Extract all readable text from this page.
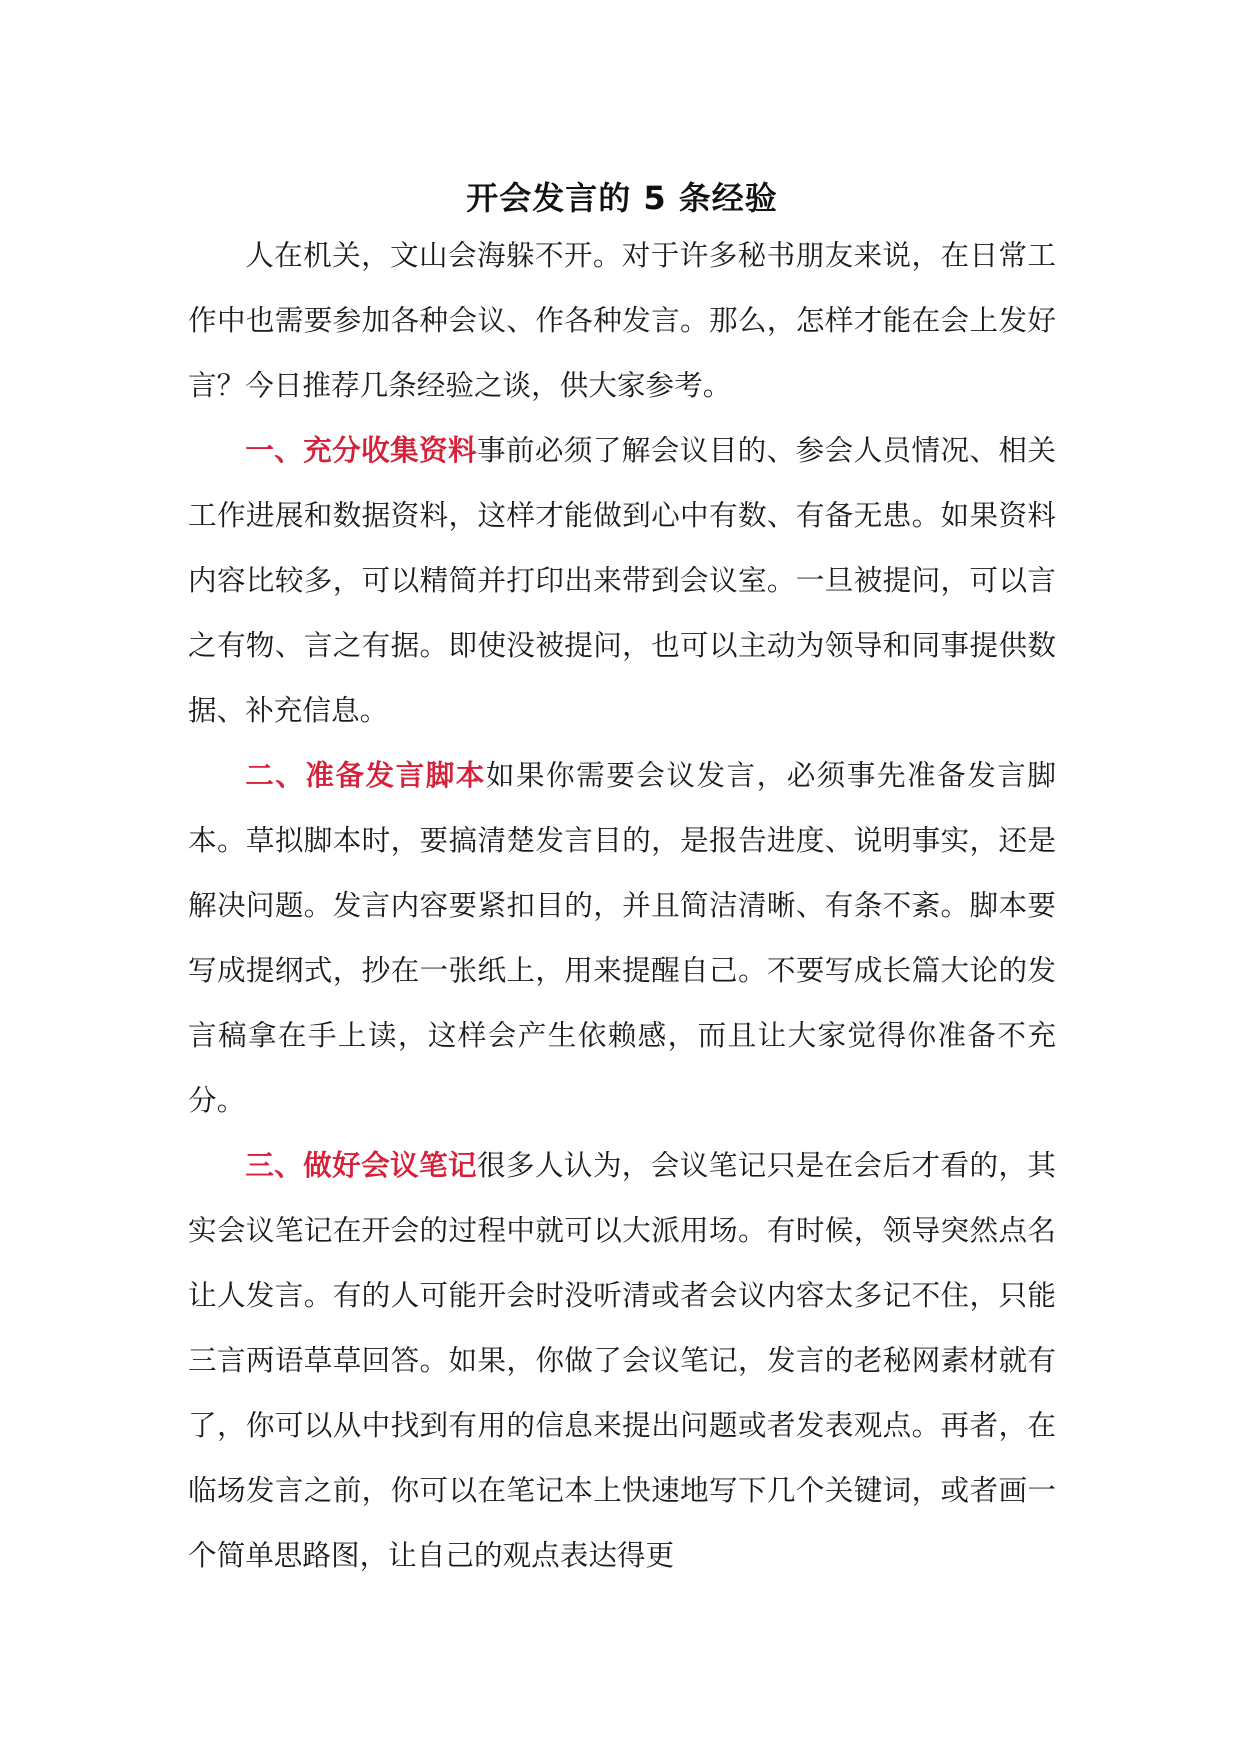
开会发言的 5 条经验

人在机关，文山会海躲不开。对于许多秘书朋友来说，在日常工作中也需要参加各种会议、作各种发言。那么，怎样才能在会上发好言？今日推荐几条经验之谈，供大家参考。

一、充分收集资料事前必须了解会议目的、参会人员情况、相关工作进展和数据资料，这样才能做到心中有数、有备无患。如果资料内容比较多，可以精简并打印出来带到会议室。一旦被提问，可以言之有物、言之有据。即使没被提问，也可以主动为领导和同事提供数据、补充信息。

二、准备发言脚本如果你需要会议发言，必须事先准备发言脚本。草拟脚本时，要搞清楚发言目的，是报告进度、说明事实，还是解决问题。发言内容要紧扣目的，并且简洁清晰、有条不紊。脚本要写成提纲式，抄在一张纸上，用来提醒自己。不要写成长篇大论的发言稿拿在手上读，这样会产生依赖感，而且让大家觉得你准备不充分。

三、做好会议笔记很多人认为，会议笔记只是在会后才看的，其实会议笔记在开会的过程中就可以大派用场。有时候，领导突然点名让人发言。有的人可能开会时没听清或者会议内容太多记不住，只能三言两语草草回答。如果，你做了会议笔记，发言的老秘网素材就有了，你可以从中找到有用的信息来提出问题或者发表观点。再者，在临场发言之前，你可以在笔记本上快速地写下几个关键词，或者画一个简单思路图，让自己的观点表达得更
